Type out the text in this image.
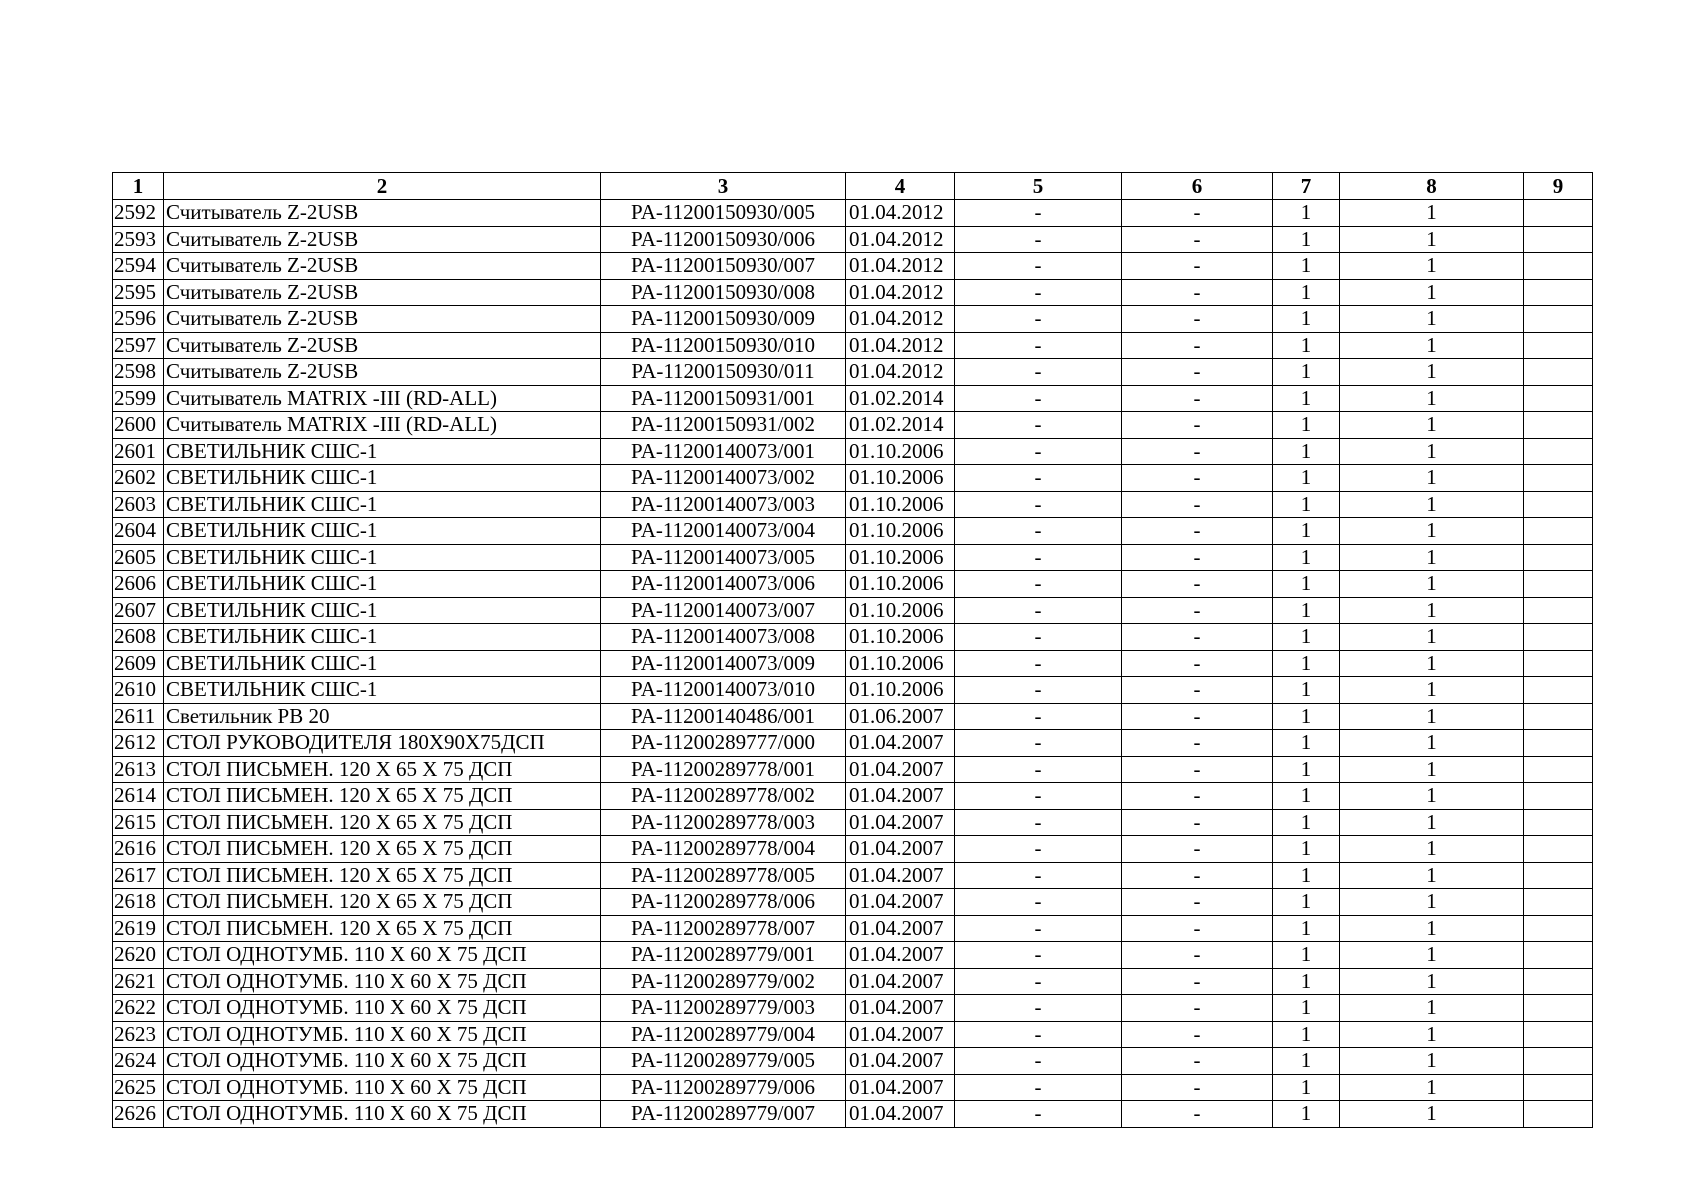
1	2	3	4	5	6	7	8	9
2592	Считыватель Z-2USB	PA-11200150930/005	01.04.2012	-	-	1	1	
2593	Считыватель Z-2USB	PA-11200150930/006	01.04.2012	-	-	1	1	
2594	Считыватель Z-2USB	PA-11200150930/007	01.04.2012	-	-	1	1	
2595	Считыватель Z-2USB	PA-11200150930/008	01.04.2012	-	-	1	1	
2596	Считыватель Z-2USB	PA-11200150930/009	01.04.2012	-	-	1	1	
2597	Считыватель Z-2USB	PA-11200150930/010	01.04.2012	-	-	1	1	
2598	Считыватель Z-2USB	PA-11200150930/011	01.04.2012	-	-	1	1	
2599	Считыватель MATRIX -III (RD-ALL)	PA-11200150931/001	01.02.2014	-	-	1	1	
2600	Считыватель MATRIX -III (RD-ALL)	PA-11200150931/002	01.02.2014	-	-	1	1	
2601	СВЕТИЛЬНИК СШС-1	PA-11200140073/001	01.10.2006	-	-	1	1	
2602	СВЕТИЛЬНИК СШС-1	PA-11200140073/002	01.10.2006	-	-	1	1	
2603	СВЕТИЛЬНИК СШС-1	PA-11200140073/003	01.10.2006	-	-	1	1	
2604	СВЕТИЛЬНИК СШС-1	PA-11200140073/004	01.10.2006	-	-	1	1	
2605	СВЕТИЛЬНИК СШС-1	PA-11200140073/005	01.10.2006	-	-	1	1	
2606	СВЕТИЛЬНИК СШС-1	PA-11200140073/006	01.10.2006	-	-	1	1	
2607	СВЕТИЛЬНИК СШС-1	PA-11200140073/007	01.10.2006	-	-	1	1	
2608	СВЕТИЛЬНИК СШС-1	PA-11200140073/008	01.10.2006	-	-	1	1	
2609	СВЕТИЛЬНИК СШС-1	PA-11200140073/009	01.10.2006	-	-	1	1	
2610	СВЕТИЛЬНИК СШС-1	PA-11200140073/010	01.10.2006	-	-	1	1	
2611	Светильник PB 20	PA-11200140486/001	01.06.2007	-	-	1	1	
2612	СТОЛ РУКОВОДИТЕЛЯ 180Х90Х75ДСП	PA-11200289777/000	01.04.2007	-	-	1	1	
2613	СТОЛ ПИСЬМЕН. 120 Х 65 Х 75 ДСП	PA-11200289778/001	01.04.2007	-	-	1	1	
2614	СТОЛ ПИСЬМЕН. 120 Х 65 Х 75 ДСП	PA-11200289778/002	01.04.2007	-	-	1	1	
2615	СТОЛ ПИСЬМЕН. 120 Х 65 Х 75 ДСП	PA-11200289778/003	01.04.2007	-	-	1	1	
2616	СТОЛ ПИСЬМЕН. 120 Х 65 Х 75 ДСП	PA-11200289778/004	01.04.2007	-	-	1	1	
2617	СТОЛ ПИСЬМЕН. 120 Х 65 Х 75 ДСП	PA-11200289778/005	01.04.2007	-	-	1	1	
2618	СТОЛ ПИСЬМЕН. 120 Х 65 Х 75 ДСП	PA-11200289778/006	01.04.2007	-	-	1	1	
2619	СТОЛ ПИСЬМЕН. 120 Х 65 Х 75 ДСП	PA-11200289778/007	01.04.2007	-	-	1	1	
2620	СТОЛ ОДНОТУМБ. 110 Х 60 Х 75 ДСП	PA-11200289779/001	01.04.2007	-	-	1	1	
2621	СТОЛ ОДНОТУМБ. 110 Х 60 Х 75 ДСП	PA-11200289779/002	01.04.2007	-	-	1	1	
2622	СТОЛ ОДНОТУМБ. 110 Х 60 Х 75 ДСП	PA-11200289779/003	01.04.2007	-	-	1	1	
2623	СТОЛ ОДНОТУМБ. 110 Х 60 Х 75 ДСП	PA-11200289779/004	01.04.2007	-	-	1	1	
2624	СТОЛ ОДНОТУМБ. 110 Х 60 Х 75 ДСП	PA-11200289779/005	01.04.2007	-	-	1	1	
2625	СТОЛ ОДНОТУМБ. 110 Х 60 Х 75 ДСП	PA-11200289779/006	01.04.2007	-	-	1	1	
2626	СТОЛ ОДНОТУМБ. 110 Х 60 Х 75 ДСП	PA-11200289779/007	01.04.2007	-	-	1	1	
